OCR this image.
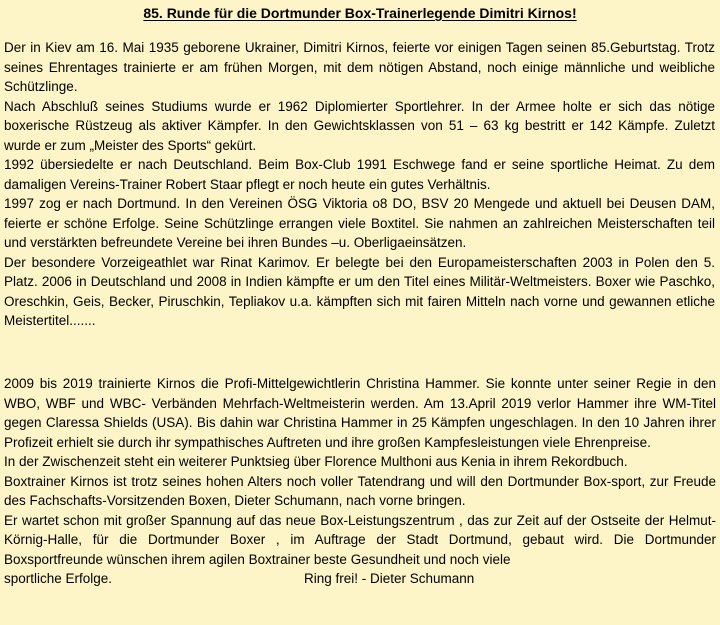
85. Runde für die Dortmunder Box-Trainerlegende Dimitri Kirnos!

Der in Kiev am 16. Mai 1935 geborene Ukrainer, Dimitri Kirnos, feierte vor einigen Tagen seinen 85.Geburtstag. Trotz seines Ehrentages trainierte er am frühen Morgen, mit dem nötigen Abstand, noch einige männliche und weibliche Schützlinge.

Nach Abschluß seines Studiums wurde er 1962 Diplomierter Sportlehrer. In der Armee holte er sich das nötige boxerische Rüstzeug als aktiver Kämpfer. In den Gewichtsklassen von 51 – 63 kg bestritt er 142 Kämpfe. Zuletzt wurde er zum „Meister des Sports“ gekürt.

1992 übersiedelte er nach Deutschland. Beim Box-Club 1991 Eschwege fand er seine sportliche Heimat. Zu dem damaligen Vereins-Trainer Robert Staar pflegt er noch heute ein gutes Verhältnis.

1997 zog er nach Dortmund. In den Vereinen ÖSG Viktoria o8 DO, BSV 20 Mengede und aktuell bei Deusen DAM, feierte er schöne Erfolge. Seine Schützlinge errangen viele Boxtitel. Sie nahmen an zahlreichen Meisterschaften teil und verstärkten befreundete Vereine bei ihren Bundes –u. Oberligaeinsätzen.

Der besondere Vorzeigeathlet war Rinat Karimov. Er belegte bei den Europameisterschaften 2003 in Polen den 5. Platz. 2006 in Deutschland und 2008 in Indien kämpfte er um den Titel eines Militär-Weltmeisters. Boxer wie Paschko, Oreschkin, Geis, Becker, Piruschkin, Tepliakov u.a. kämpften sich mit fairen Mitteln nach vorne und gewannen etliche Meistertitel.......

2009 bis 2019 trainierte Kirnos die Profi-Mittelgewichtlerin Christina Hammer. Sie konnte unter seiner Regie in den WBO, WBF und WBC- Verbänden Mehrfach-Weltmeisterin werden. Am 13.April 2019 verlor Hammer ihre WM-Titel gegen Claressa Shields (USA). Bis dahin war Christina Hammer in 25 Kämpfen ungeschlagen. In den 10 Jahren ihrer Profizeit erhielt sie durch ihr sympathisches Auftreten und ihre großen Kampfesleistungen viele Ehrenpreise.

In der Zwischenzeit steht ein weiterer Punktsieg über Florence Multhoni aus Kenia in ihrem Rekordbuch.

Boxtrainer Kirnos ist trotz seines hohen Alters noch voller Tatendrang und will den Dortmunder Box-sport, zur Freude des Fachschafts-Vorsitzenden Boxen, Dieter Schumann, nach vorne bringen.

Er wartet schon mit großer Spannung auf das neue Box-Leistungszentrum , das zur Zeit auf der Ostseite der Helmut-Körnig-Halle, für die Dortmunder Boxer , im Auftrage der Stadt Dortmund, gebaut wird. Die Dortmunder Boxsportfreunde wünschen ihrem agilen Boxtrainer beste Gesundheit und noch viele

sportliche Erfolge.	Ring frei! - Dieter Schumann
